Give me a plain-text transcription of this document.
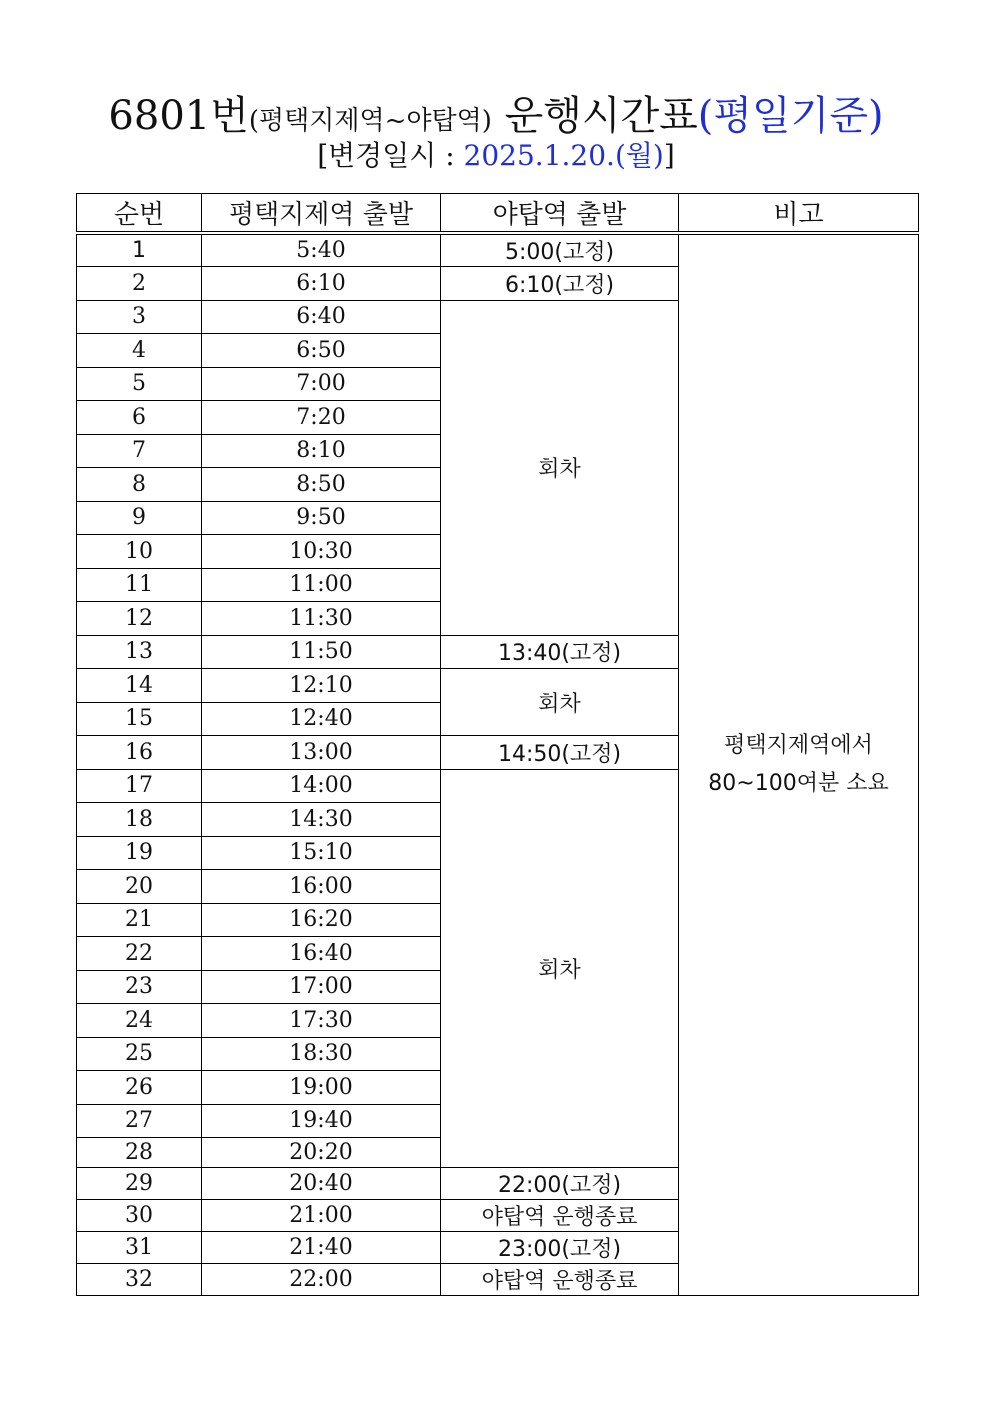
6801번(평택지제역~야탑역) 운행시간표(평일기준)
[변경일시 : 2025.1.20.(월)]
순번	평택지제역 출발	야탑역 출발	비고
1	5:40	5:00(고정)	평택지제역에서
80~100여분 소요

2	6:10	6:10(고정)	
3	6:40	회차	
4	6:50		
5	7:00		
6	7:20		
7	8:10		
8	8:50		
9	9:50		
10	10:30		
11	11:00		
12	11:30		
13	11:50	13:40(고정)	
14	12:10	회차	
15	12:40		
16	13:00	14:50(고정)	
17	14:00	회차	
18	14:30		
19	15:10		
20	16:00		
21	16:20		
22	16:40		
23	17:00		
24	17:30		
25	18:30		
26	19:00		
27	19:40		
28	20:20		
29	20:40	22:00(고정)	
30	21:00	야탑역 운행종료	
31	21:40	23:00(고정)	
32	22:00	야탑역 운행종료	
